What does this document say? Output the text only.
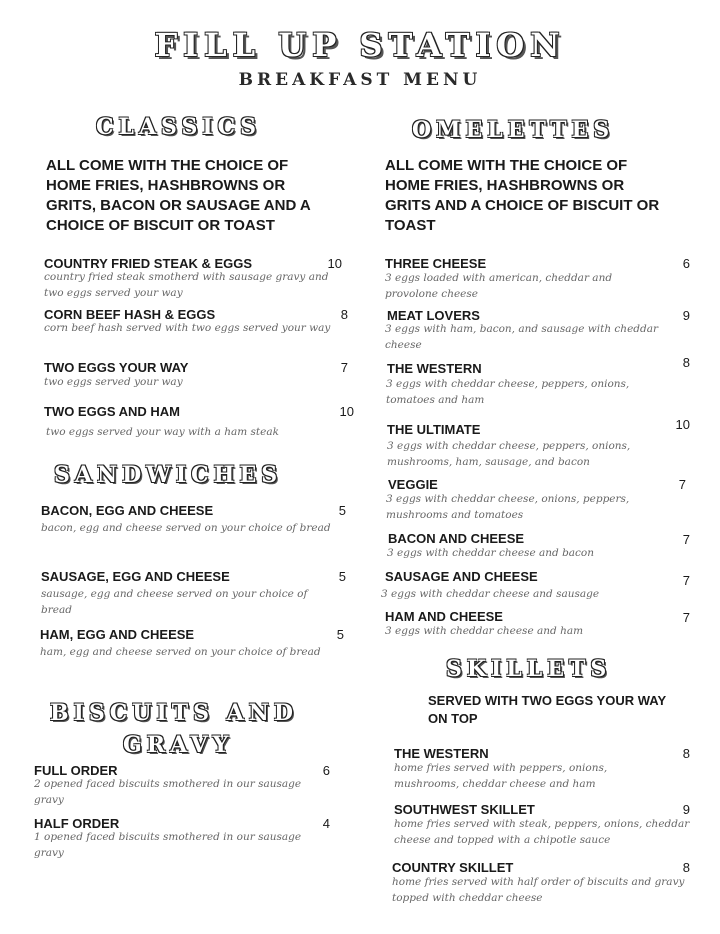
FILL UP STATION
BREAKFAST MENU
CLASSICS
ALL COME WITH THE CHOICE OF HOME FRIES, HASHBROWNS OR GRITS, BACON OR SAUSAGE AND A CHOICE OF BISCUIT OR TOAST
COUNTRY FRIED STEAK & EGGS	10
country fried steak smotherd with sausage gravy and two eggs served your way
CORN BEEF HASH & EGGS	8
corn beef hash served with two eggs served your way
TWO EGGS YOUR WAY	7
two eggs served your way
TWO EGGS AND HAM	10
two eggs served your way with a ham steak
SANDWICHES
BACON, EGG AND CHEESE	5
bacon, egg and cheese served on your choice of bread
SAUSAGE, EGG AND CHEESE	5
sausage, egg and cheese served on your choice of bread
HAM, EGG AND CHEESE	5
ham, egg and cheese served on your choice of bread
BISCUITS AND
GRAVY
FULL ORDER	6
2 opened faced biscuits smothered in our sausage gravy
HALF ORDER	4
1 opened faced biscuits smothered in our sausage gravy
OMELETTES
ALL COME WITH THE CHOICE OF HOME FRIES, HASHBROWNS OR GRITS AND A CHOICE OF BISCUIT OR TOAST
THREE CHEESE	6
3 eggs loaded with american, cheddar and provolone cheese
MEAT LOVERS	9
3 eggs with ham, bacon, and sausage with cheddar cheese
THE WESTERN	8
3 eggs with cheddar cheese, peppers, onions, tomatoes and ham
THE ULTIMATE	10
3 eggs with cheddar cheese, peppers, onions, mushrooms, ham, sausage, and bacon
VEGGIE	7
3 eggs with cheddar cheese, onions, peppers, mushrooms and tomatoes
BACON AND CHEESE	7
3 eggs with cheddar cheese and bacon
SAUSAGE AND CHEESE	7
3 eggs with cheddar cheese and sausage
HAM AND CHEESE	7
3 eggs with cheddar cheese and ham
SKILLETS
SERVED WITH TWO EGGS YOUR WAY ON TOP
THE WESTERN	8
home fries served with peppers, onions, mushrooms, cheddar cheese and ham
SOUTHWEST SKILLET	9
home fries served with steak, peppers, onions, cheddar cheese and topped with a chipotle sauce
COUNTRY SKILLET	8
home fries served with half order of biscuits and gravy topped with cheddar cheese
